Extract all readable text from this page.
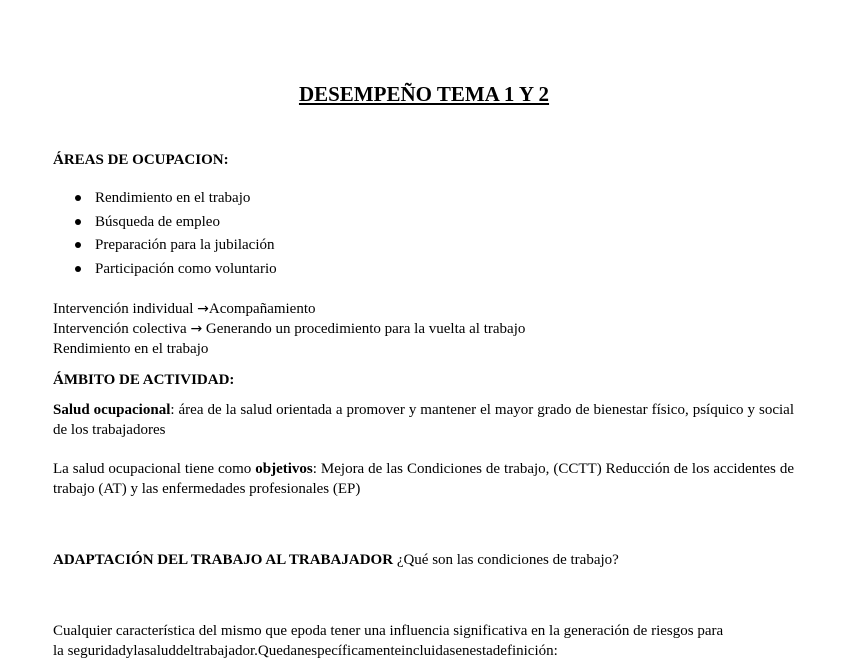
DESEMPEÑO TEMA 1 Y 2
ÁREAS DE OCUPACION:
Rendimiento en el trabajo
Búsqueda de empleo
Preparación para la jubilación
Participación como voluntario
Intervención individual →Acompañamiento
Intervención colectiva → Generando un procedimiento para la vuelta al trabajo
Rendimiento en el trabajo
ÁMBITO DE ACTIVIDAD:
Salud ocupacional: área de la salud orientada a promover y mantener el mayor grado de bienestar físico, psíquico y social de los trabajadores
La salud ocupacional tiene como objetivos: Mejora de las Condiciones de trabajo, (CCTT) Reducción de los accidentes de trabajo (AT) y las enfermedades profesionales (EP)
ADAPTACIÓN DEL TRABAJO AL TRABAJADOR ¿Qué son las condiciones de trabajo?
Cualquier característica del mismo que epoda tener una influencia significativa en la generación de riesgos para
la seguridadylasaluddeltrabajador.Quedanespecíficamenteincluidasenestadefinición:
